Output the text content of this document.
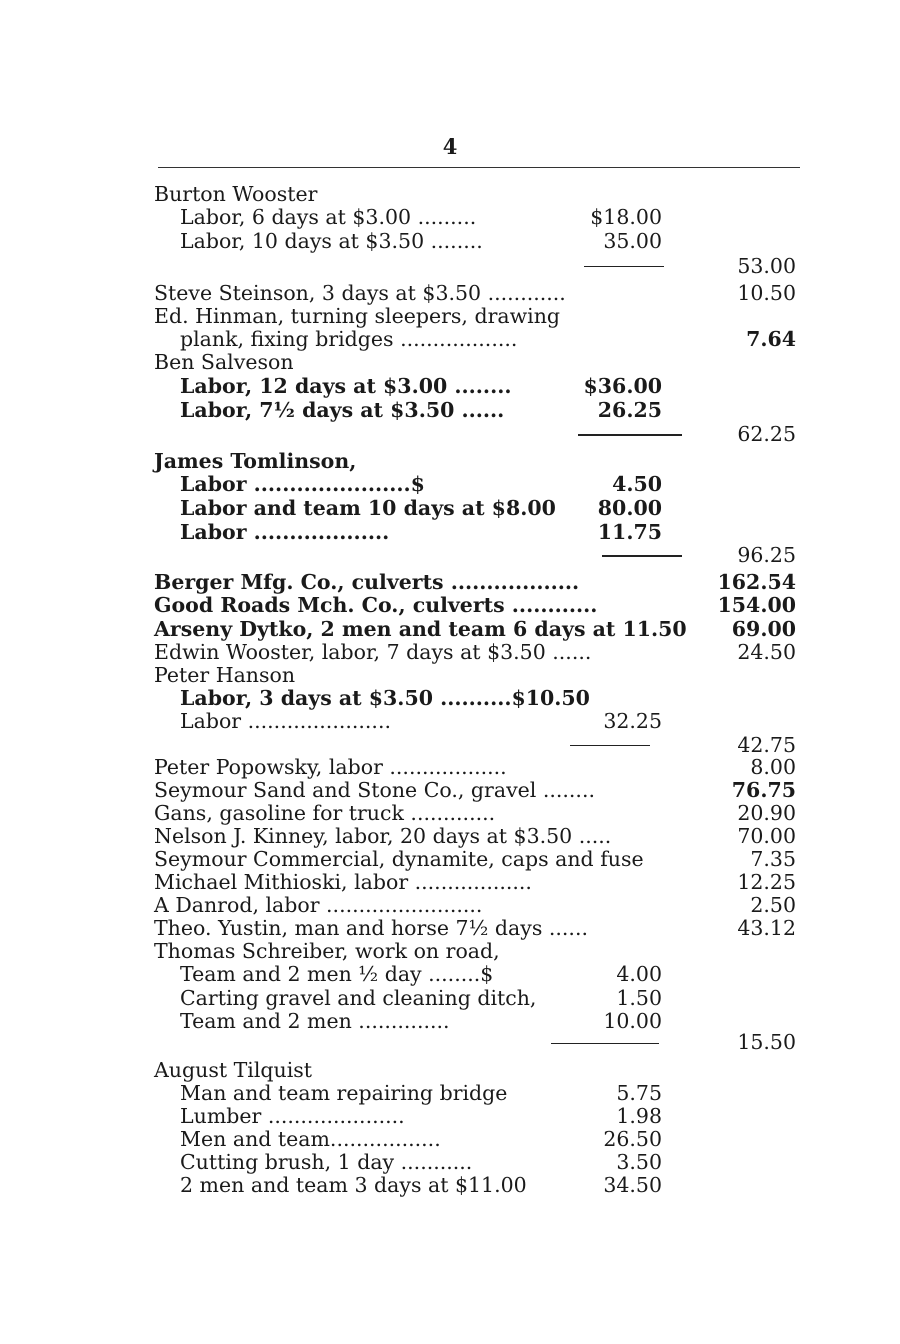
4
Burton Wooster
Labor, 6 days at $3.00 .........	$18.00
Labor, 10 days at $3.50 ........	35.00
53.00
Steve Steinson, 3 days at $3.50 ............	10.50
Ed. Hinman, turning sleepers, drawing
plank, fixing bridges ..................	7.64
Ben Salveson
Labor, 12 days at $3.00 ........	$36.00
Labor, 7½ days at $3.50 ......	26.25
62.25
James Tomlinson,
Labor ......................$	4.50
Labor and team 10 days at $8.00 80.00
Labor ...................	11.75
96.25
Berger Mfg. Co., culverts ..................	162.54
Good Roads Mch. Co., culverts ............	154.00
Arseny Dytko, 2 men and team 6 days at 11.50 69.00
Edwin Wooster, labor, 7 days at $3.50 ......	24.50
Peter Hanson
Labor, 3 days at $3.50 ..........$10.50
Labor ......................	32.25
42.75
Peter Popowsky, labor ..................	8.00
Seymour Sand and Stone Co., gravel ........	76.75
Gans, gasoline for truck .............	20.90
Nelson J. Kinney, labor, 20 days at $3.50 .....	70.00
Seymour Commercial, dynamite, caps and fuse	7.35
Michael Mithioski, labor ..................	12.25
A Danrod, labor ........................	2.50
Theo. Yustin, man and horse 7½ days ......	43.12
Thomas Schreiber, work on road,
Team and 2 men ½ day ........$	4.00
Carting gravel and cleaning ditch,	1.50
Team and 2 men ..............	10.00
15.50
August Tilquist
Man and team repairing bridge	5.75
Lumber .....................	1.98
Men and team.................	26.50
Cutting brush, 1 day ...........	3.50
2 men and team 3 days at $11.00	34.50
